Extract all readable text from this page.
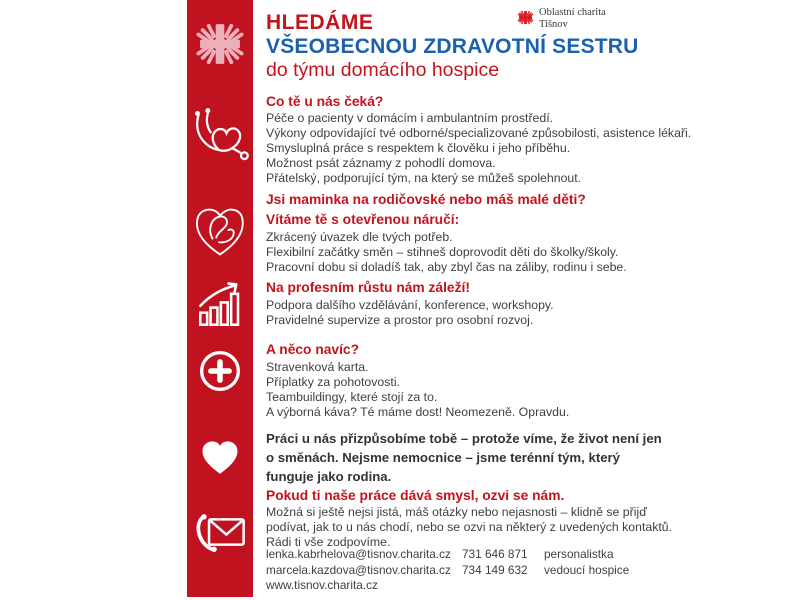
HLEDÁME
VŠEOBECNOU ZDRAVOTNÍ SESTRU
do týmu domácího hospice
Oblastní charita
Tišnov
Co tě u nás čeká?
Péče o pacienty v domácím i ambulantním prostředí.
Výkony odpovídající tvé odborné/specializované způsobilosti, asistence lékaři.
Smysluplná práce s respektem k člověku i jeho příběhu.
Možnost psát záznamy z pohodlí domova.
Přátelský, podporující tým, na který se můžeš spolehnout.
Jsi maminka na rodičovské nebo máš malé děti?
Vítáme tě s otevřenou náručí:
Zkrácený úvazek dle tvých potřeb.
Flexibilní začátky směn – stihneš doprovodit děti do školky/školy.
Pracovní dobu si doladíš tak, aby zbyl čas na záliby, rodinu i sebe.
Na profesním růstu nám záleží!
Podpora dalšího vzdělávání, konference, workshopy.
Pravidelné supervize a prostor pro osobní rozvoj.
A něco navíc?
Stravenková karta.
Příplatky za pohotovosti.
Teambuildingy, které stojí za to.
A výborná káva? Té máme dost! Neomezeně. Opravdu.
Práci u nás přizpůsobíme tobě – protože víme, že život není jen
o směnách. Nejsme nemocnice – jsme terénní tým, který
funguje jako rodina.
Pokud ti naše práce dává smysl, ozvi se nám.
Možná si ještě nejsi jistá, máš otázky nebo nejasnosti – klidně se přijď
podívat, jak to u nás chodí, nebo se ozvi na některý z uvedených kontaktů.
Rádi ti vše zodpovíme.
lenka.kabrhelova@tisnov.charita.cz 731 646 871	personalistka
marcela.kazdova@tisnov.charita.cz 734 149 632	vedoucí hospice
www.tisnov.charita.cz
